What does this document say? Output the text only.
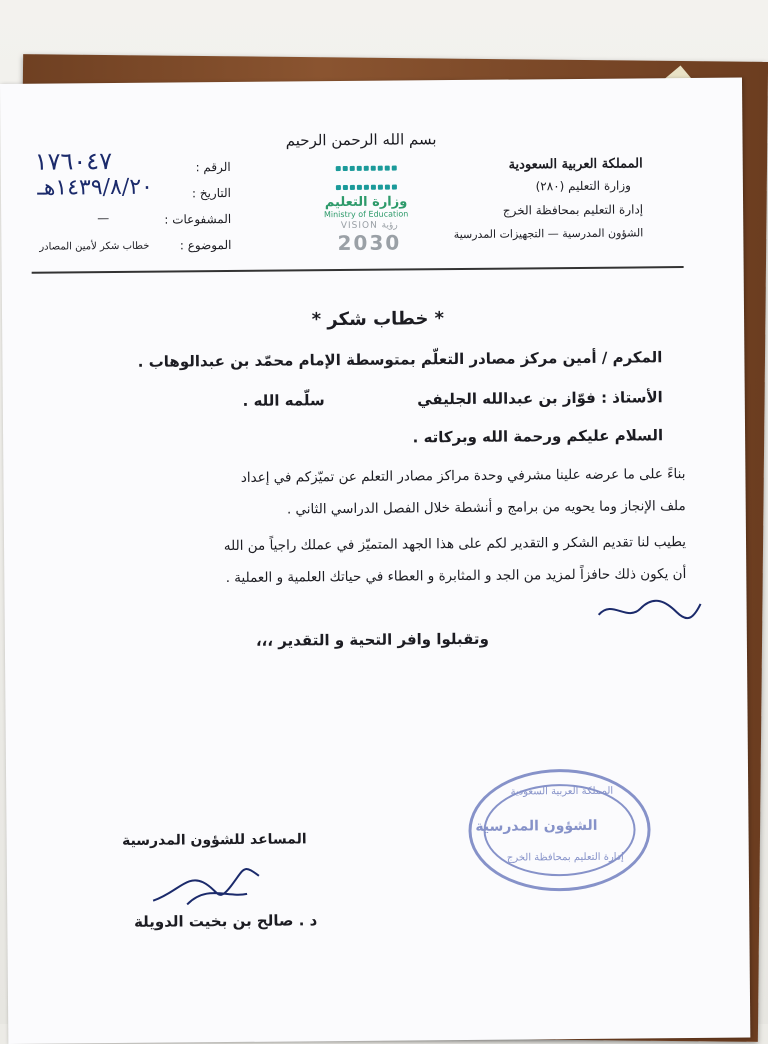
بسم الله الرحمن الرحيم
المملكة العربية السعودية
وزارة التعليم (٢٨٠)
إدارة التعليم بمحافظة الخرج
الشؤون المدرسية — التجهيزات المدرسية

وزارة التعليم
Ministry of Education
VISION رؤية
2030
الرقم :
١٧٦٠٤٧
التاريخ :
١٤٣٩/٨/٢٠هـ
المشفوعات :
—
الموضوع :
خطاب شكر لأمين المصادر
* خطاب شكر *
المكرم / أمين مركز مصادر التعلّم بمتوسطة الإمام محمّد بن عبدالوهاب .
الأستاذ : فوّاز بن عبدالله الجليفي
سلّمه الله .
السلام عليكم ورحمة الله وبركاته .
بناءً على ما عرضه علينا مشرفي وحدة مراكز مصادر التعلم عن تميّزكم في إعداد
ملف الإنجاز وما يحويه من برامج و أنشطة خلال الفصل الدراسي الثاني .
يطيب لنا تقديم الشكر و التقدير لكم على هذا الجهد المتميّز في عملك راجياً من الله
أن يكون ذلك حافزاً لمزيد من الجد و المثابرة و العطاء في حياتك العلمية و العملية .
وتقبلوا وافر التحية و التقدير ،،،
المملكة العربية السعودية
الشؤون المدرسية
إدارة التعليم بمحافظة الخرج
المساعد للشؤون المدرسية
د . صالح بن بخيت الدويلة
